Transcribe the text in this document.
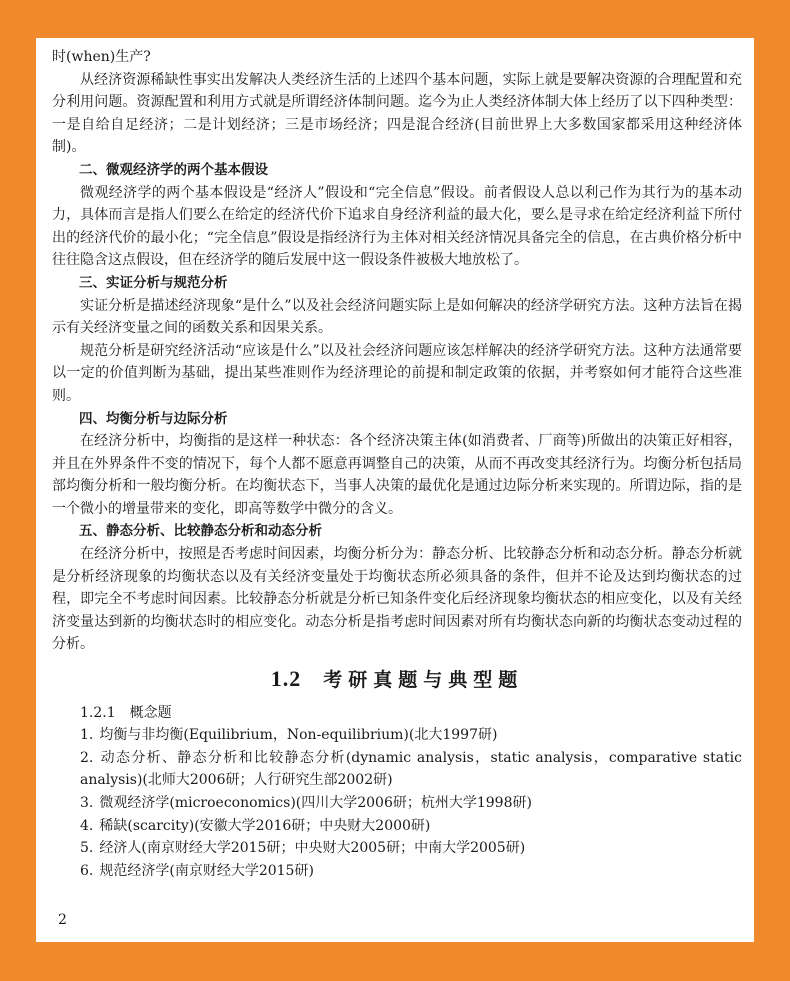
时(when)生产?

从经济资源稀缺性事实出发解决人类经济生活的上述四个基本问题，实际上就是要解决资源的合理配置和充分利用问题。资源配置和利用方式就是所谓经济体制问题。迄今为止人类经济体制大体上经历了以下四种类型：一是自给自足经济；二是计划经济；三是市场经济；四是混合经济(目前世界上大多数国家都采用这种经济体制)。

二、微观经济学的两个基本假设

微观经济学的两个基本假设是“经济人”假设和“完全信息”假设。前者假设人总以利己作为其行为的基本动力，具体而言是指人们要么在给定的经济代价下追求自身经济利益的最大化，要么是寻求在给定经济利益下所付出的经济代价的最小化；“完全信息”假设是指经济行为主体对相关经济情况具备完全的信息，在古典价格分析中往往隐含这点假设，但在经济学的随后发展中这一假设条件被极大地放松了。

三、实证分析与规范分析

实证分析是描述经济现象“是什么”以及社会经济问题实际上是如何解决的经济学研究方法。这种方法旨在揭示有关经济变量之间的函数关系和因果关系。

规范分析是研究经济活动“应该是什么”以及社会经济问题应该怎样解决的经济学研究方法。这种方法通常要以一定的价值判断为基础，提出某些准则作为经济理论的前提和制定政策的依据，并考察如何才能符合这些准则。

四、均衡分析与边际分析

在经济分析中，均衡指的是这样一种状态：各个经济决策主体(如消费者、厂商等)所做出的决策正好相容，并且在外界条件不变的情况下，每个人都不愿意再调整自己的决策，从而不再改变其经济行为。均衡分析包括局部均衡分析和一般均衡分析。在均衡状态下，当事人决策的最优化是通过边际分析来实现的。所谓边际，指的是一个微小的增量带来的变化，即高等数学中微分的含义。

五、静态分析、比较静态分析和动态分析

在经济分析中，按照是否考虑时间因素，均衡分析分为：静态分析、比较静态分析和动态分析。静态分析就是分析经济现象的均衡状态以及有关经济变量处于均衡状态所必须具备的条件，但并不论及达到均衡状态的过程，即完全不考虑时间因素。比较静态分析就是分析已知条件变化后经济现象均衡状态的相应变化，以及有关经济变量达到新的均衡状态时的相应变化。动态分析是指考虑时间因素对所有均衡状态向新的均衡状态变动过程的分析。

1.2 考研真题与典型题

1.2.1 概念题

1. 均衡与非均衡(Equilibrium，Non-equilibrium)(北大1997研)

2. 动态分析、静态分析和比较静态分析(dynamic analysis，static analysis，comparative static analysis)(北师大2006研；人行研究生部2002研)

3. 微观经济学(microeconomics)(四川大学2006研；杭州大学1998研)

4. 稀缺(scarcity)(安徽大学2016研；中央财大2000研)

5. 经济人(南京财经大学2015研；中央财大2005研；中南大学2005研)

6. 规范经济学(南京财经大学2015研)

2
